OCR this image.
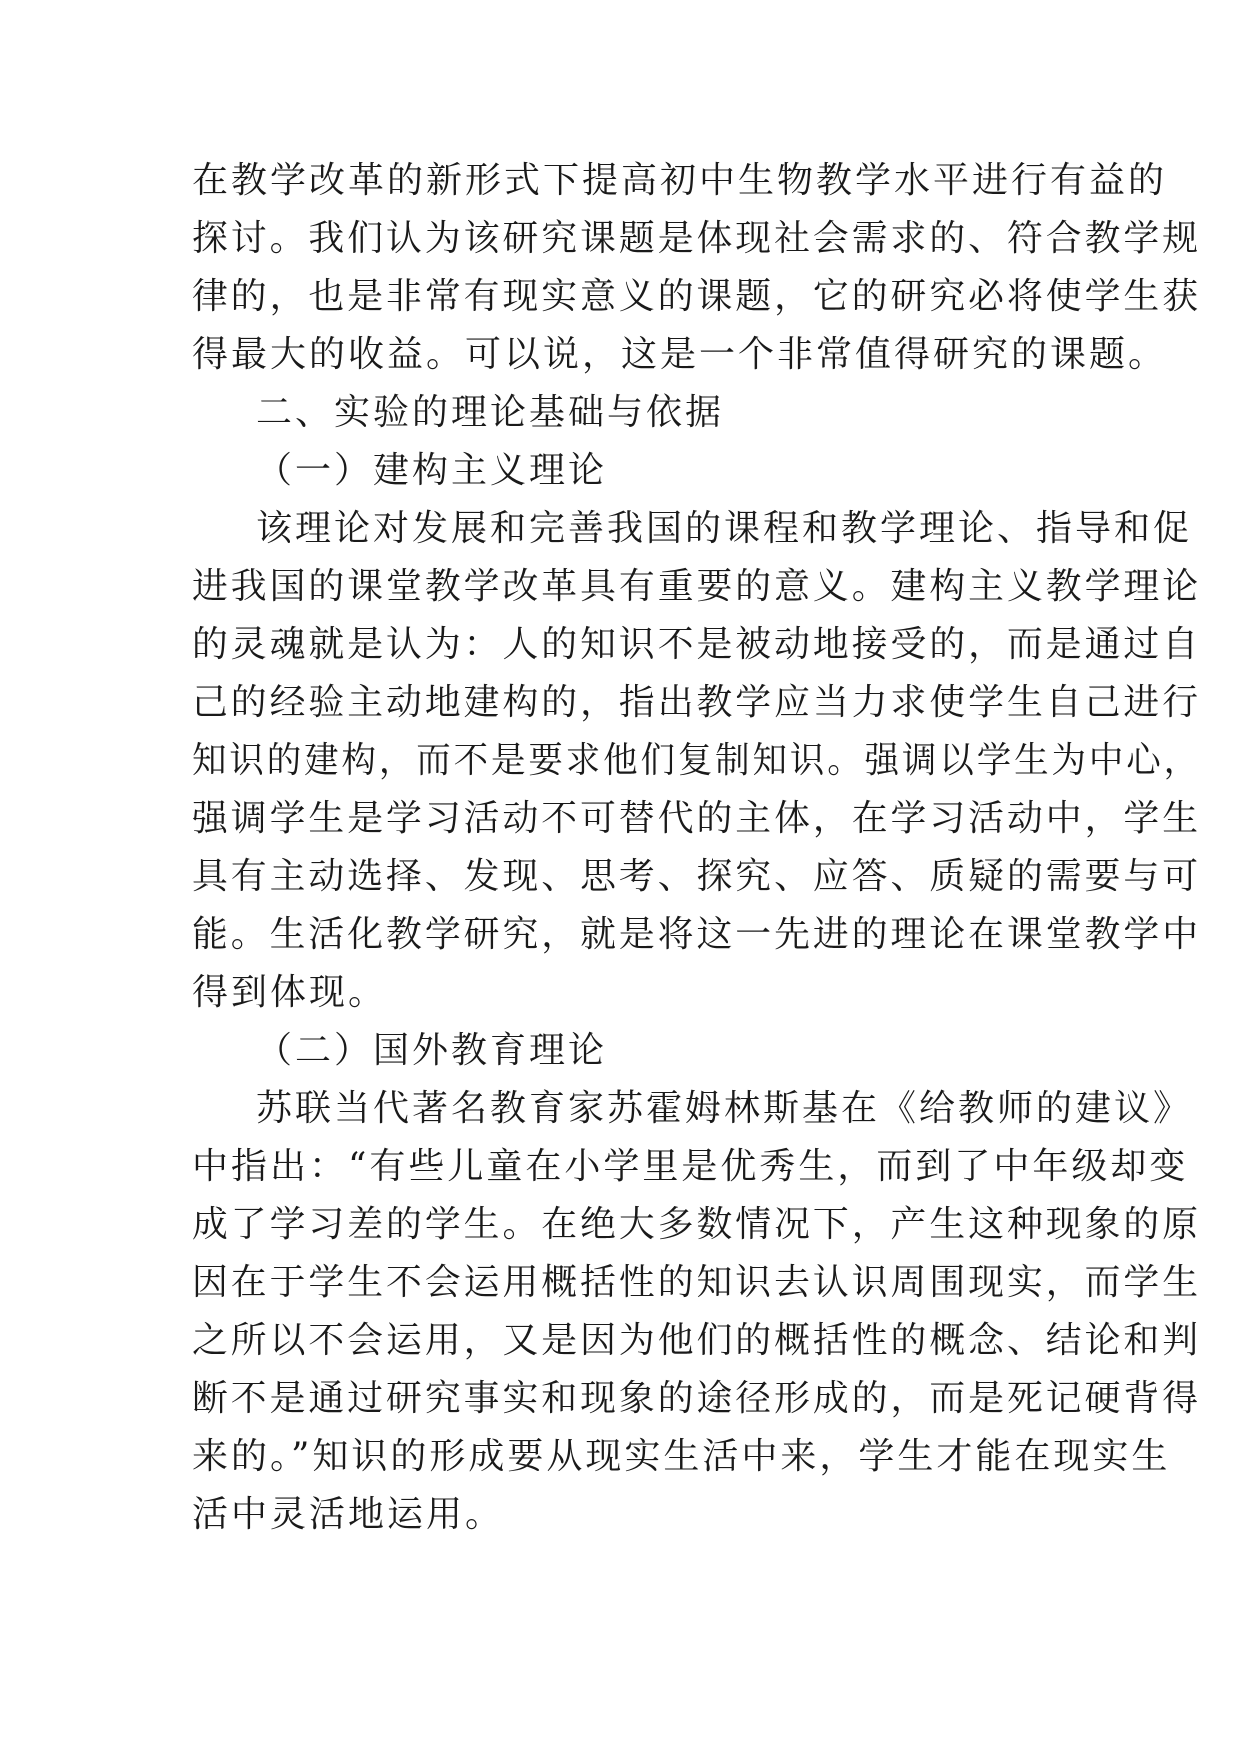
在教学改革的新形式下提高初中生物教学水平进行有益的
探讨。我们认为该研究课题是体现社会需求的、符合教学规
律的，也是非常有现实意义的课题，它的研究必将使学生获
得最大的收益。可以说，这是一个非常值得研究的课题。
二、实验的理论基础与依据
（一）建构主义理论
该理论对发展和完善我国的课程和教学理论、指导和促
进我国的课堂教学改革具有重要的意义。建构主义教学理论
的灵魂就是认为：人的知识不是被动地接受的，而是通过自
己的经验主动地建构的，指出教学应当力求使学生自己进行
知识的建构，而不是要求他们复制知识。强调以学生为中心，
强调学生是学习活动不可替代的主体，在学习活动中，学生
具有主动选择、发现、思考、探究、应答、质疑的需要与可
能。生活化教学研究，就是将这一先进的理论在课堂教学中
得到体现。
（二）国外教育理论
苏联当代著名教育家苏霍姆林斯基在《给教师的建议》
中指出：“有些儿童在小学里是优秀生，而到了中年级却变
成了学习差的学生。在绝大多数情况下，产生这种现象的原
因在于学生不会运用概括性的知识去认识周围现实，而学生
之所以不会运用，又是因为他们的概括性的概念、结论和判
断不是通过研究事实和现象的途径形成的，而是死记硬背得
来的。”知识的形成要从现实生活中来，学生才能在现实生
活中灵活地运用。
